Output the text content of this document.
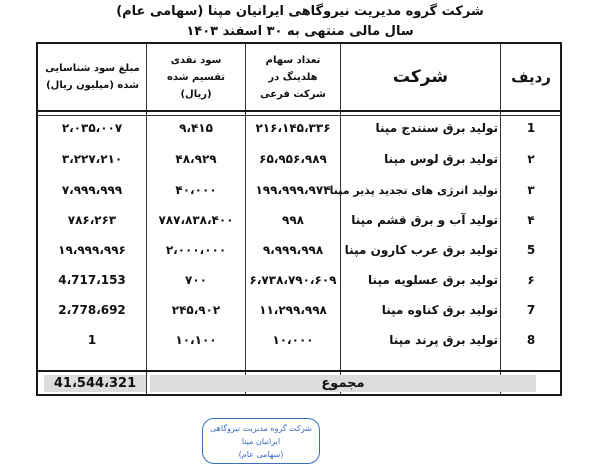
شرکت گروه مدیریت نیروگاهی ایرانیان مپنا (سهامی عام)
سال مالی منتهی به ۳۰ اسفند ۱۴۰۳
ردیف
شرکت
تعداد سهام هلدینگ در شرکت فرعی
سود نقدی تقسیم شده (ریال)
مبلغ سود شناسایی شده (میلیون ریال)
1
تولید برق سنندج مپنا
۲۱۶،۱۴۵،۳۳۶
۹،۴۱۵
۲،۰۳۵،۰۰۷
۲
تولید برق لوس مپنا
۶۵،۹۵۶،۹۸۹
۴۸،۹۲۹
۳،۲۲۷،۲۱۰
۳
تولید انرژی های تجدید پذیر مپنا
۱۹۹،۹۹۹،۹۷۴
۴۰،۰۰۰
۷،۹۹۹،۹۹۹
۴
تولید آب و برق قشم مپنا
۹۹۸
۷۸۷،۸۳۸،۴۰۰
۷۸۶،۲۶۳
5
تولید برق عرب کارون مپنا
۹،۹۹۹،۹۹۸
۲،۰۰۰،۰۰۰
۱۹،۹۹۹،۹۹۶
۶
تولید برق عسلویه مپنا
۶،۷۳۸،۷۹۰،۶۰۹
۷۰۰
4،717،153
7
تولید برق کناوه مپنا
۱۱،۲۹۹،۹۹۸
۲۴۵،۹۰۲
2،778،692
8
تولید برق پرند مپنا
۱۰،۰۰۰
۱۰،۱۰۰
1
مجموع
41،544،321
شرکت گروه مدیریت نیروگاهی ایرانیان مپنا
(سهامی عام)
